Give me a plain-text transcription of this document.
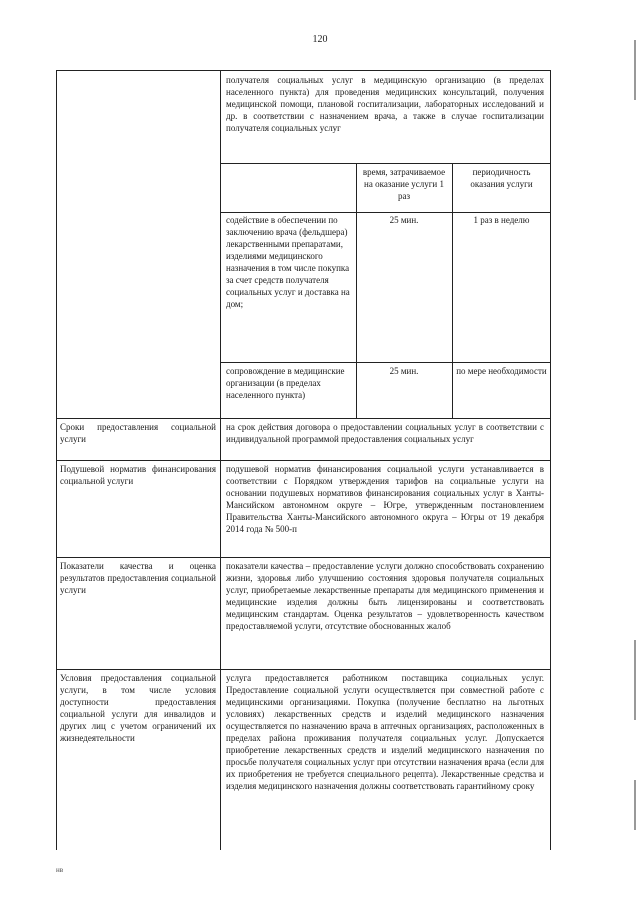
120
получателя социальных услуг в медицинскую организацию (в пределах населенного пункта) для проведения медицинских консультаций, получения медицинской помощи, плановой госпитализации, лабораторных исследований и др. в соответствии с назначением врача, а также в случае госпитализации получателя социальных услуг
время, затрачиваемое на оказание услуги 1 раз
периодичность оказания услуги
содействие в обеспечении по заключению врача (фельдшера) лекарственными препаратами, изделиями медицинского назначения в том числе покупка за счет средств получателя социальных услуг и доставка на дом;
25 мин.	1 раз в неделю
сопровождение в медицинские организации (в пределах населенного пункта)
25 мин.	по мере необходимости
Сроки предоставления социальной услуги
на срок действия договора о предоставлении социальных услуг в соответствии с индивидуальной программой предоставления социальных услуг
Подушевой норматив финансирования социальной услуги
подушевой норматив финансирования социальной услуги устанавливается в соответствии с Порядком утверждения тарифов на социальные услуги на основании подушевых нормативов финансирования социальных услуг в Ханты-Мансийском автономном округе – Югре, утвержденным постановлением Правительства Ханты-Мансийского автономного округа – Югры от 19 декабря 2014 года № 500-п
Показатели качества и оценка результатов предоставления социальной услуги
показатели качества – предоставление услуги должно способствовать сохранению жизни, здоровья либо улучшению состояния здоровья получателя социальных услуг, приобретаемые лекарственные препараты для медицинского применения и медицинские изделия должны быть лицензированы и соответствовать медицинским стандартам. Оценка результатов – удовлетворенность качеством предоставляемой услуги, отсутствие обоснованных жалоб
Условия предоставления социальной услуги, в том числе условия доступности предоставления социальной услуги для инвалидов и других лиц с учетом ограничений их жизнедеятельности
услуга предоставляется работником поставщика социальных услуг. Предоставление социальной услуги осуществляется при совместной работе с медицинскими организациями. Покупка (получение бесплатно на льготных условиях) лекарственных средств и изделий медицинского назначения осуществляется по назначению врача в аптечных организациях, расположенных в пределах района проживания получателя социальных услуг. Допускается приобретение лекарственных средств и изделий медицинского назначения по просьбе получателя социальных услуг при отсутствии назначения врача (если для их приобретения не требуется специального рецепта). Лекарственные средства и изделия медицинского назначения должны соответствовать гарантийному сроку
нв
